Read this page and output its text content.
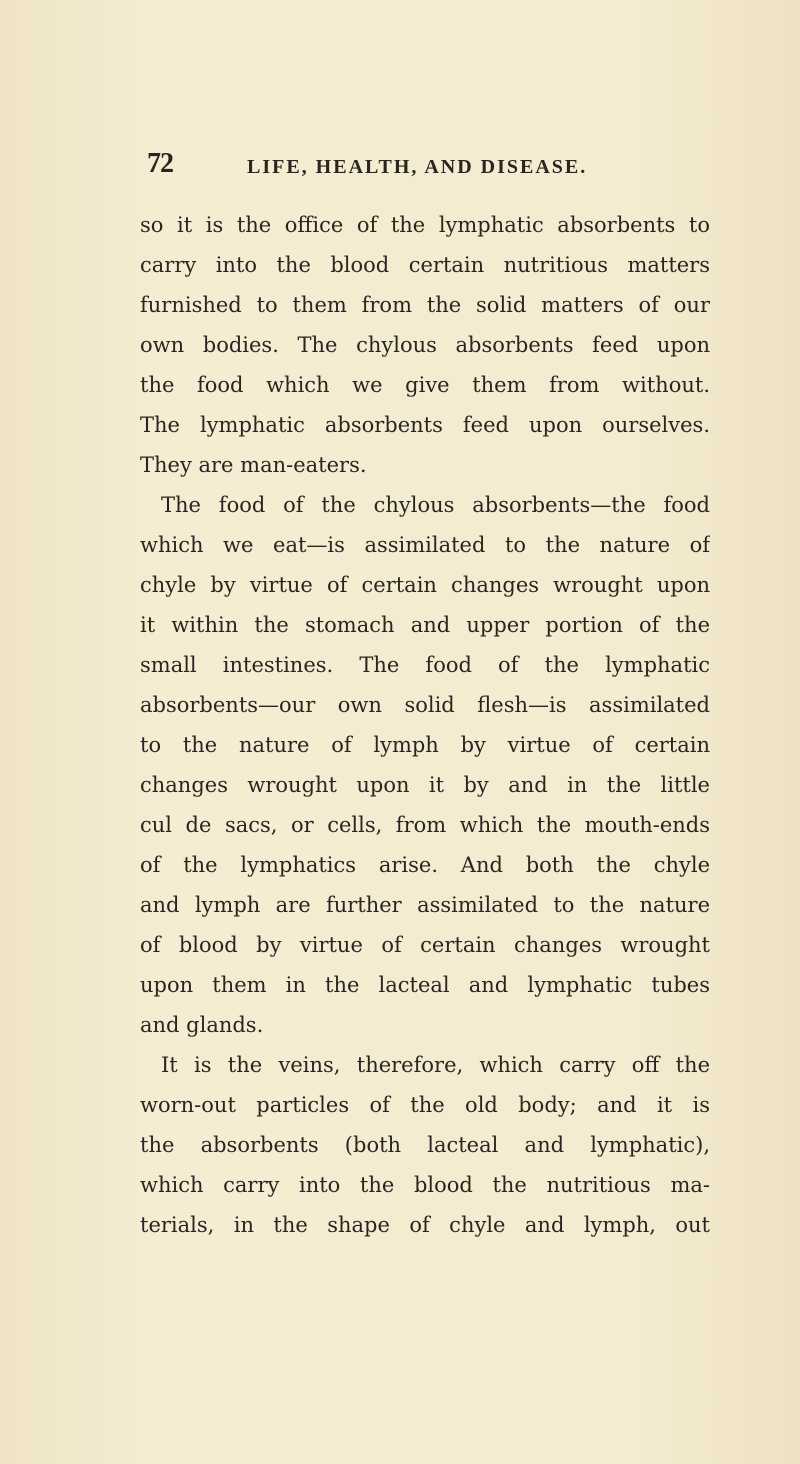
72	LIFE, HEALTH, AND DISEASE.
so it is the office of the lymphatic absorbents to
carry into the blood certain nutritious matters
furnished to them from the solid matters of our
own bodies. The chylous absorbents feed upon
the food which we give them from without.
The lymphatic absorbents feed upon ourselves.
They are man-eaters.
The food of the chylous absorbents—the food
which we eat—is assimilated to the nature of
chyle by virtue of certain changes wrought upon
it within the stomach and upper portion of the
small intestines. The food of the lymphatic
absorbents—our own solid flesh—is assimilated
to the nature of lymph by virtue of certain
changes wrought upon it by and in the little
cul de sacs, or cells, from which the mouth-ends
of the lymphatics arise. And both the chyle
and lymph are further assimilated to the nature
of blood by virtue of certain changes wrought
upon them in the lacteal and lymphatic tubes
and glands.
It is the veins, therefore, which carry off the
worn-out particles of the old body; and it is
the absorbents (both lacteal and lymphatic),
which carry into the blood the nutritious ma-
terials, in the shape of chyle and lymph, out
